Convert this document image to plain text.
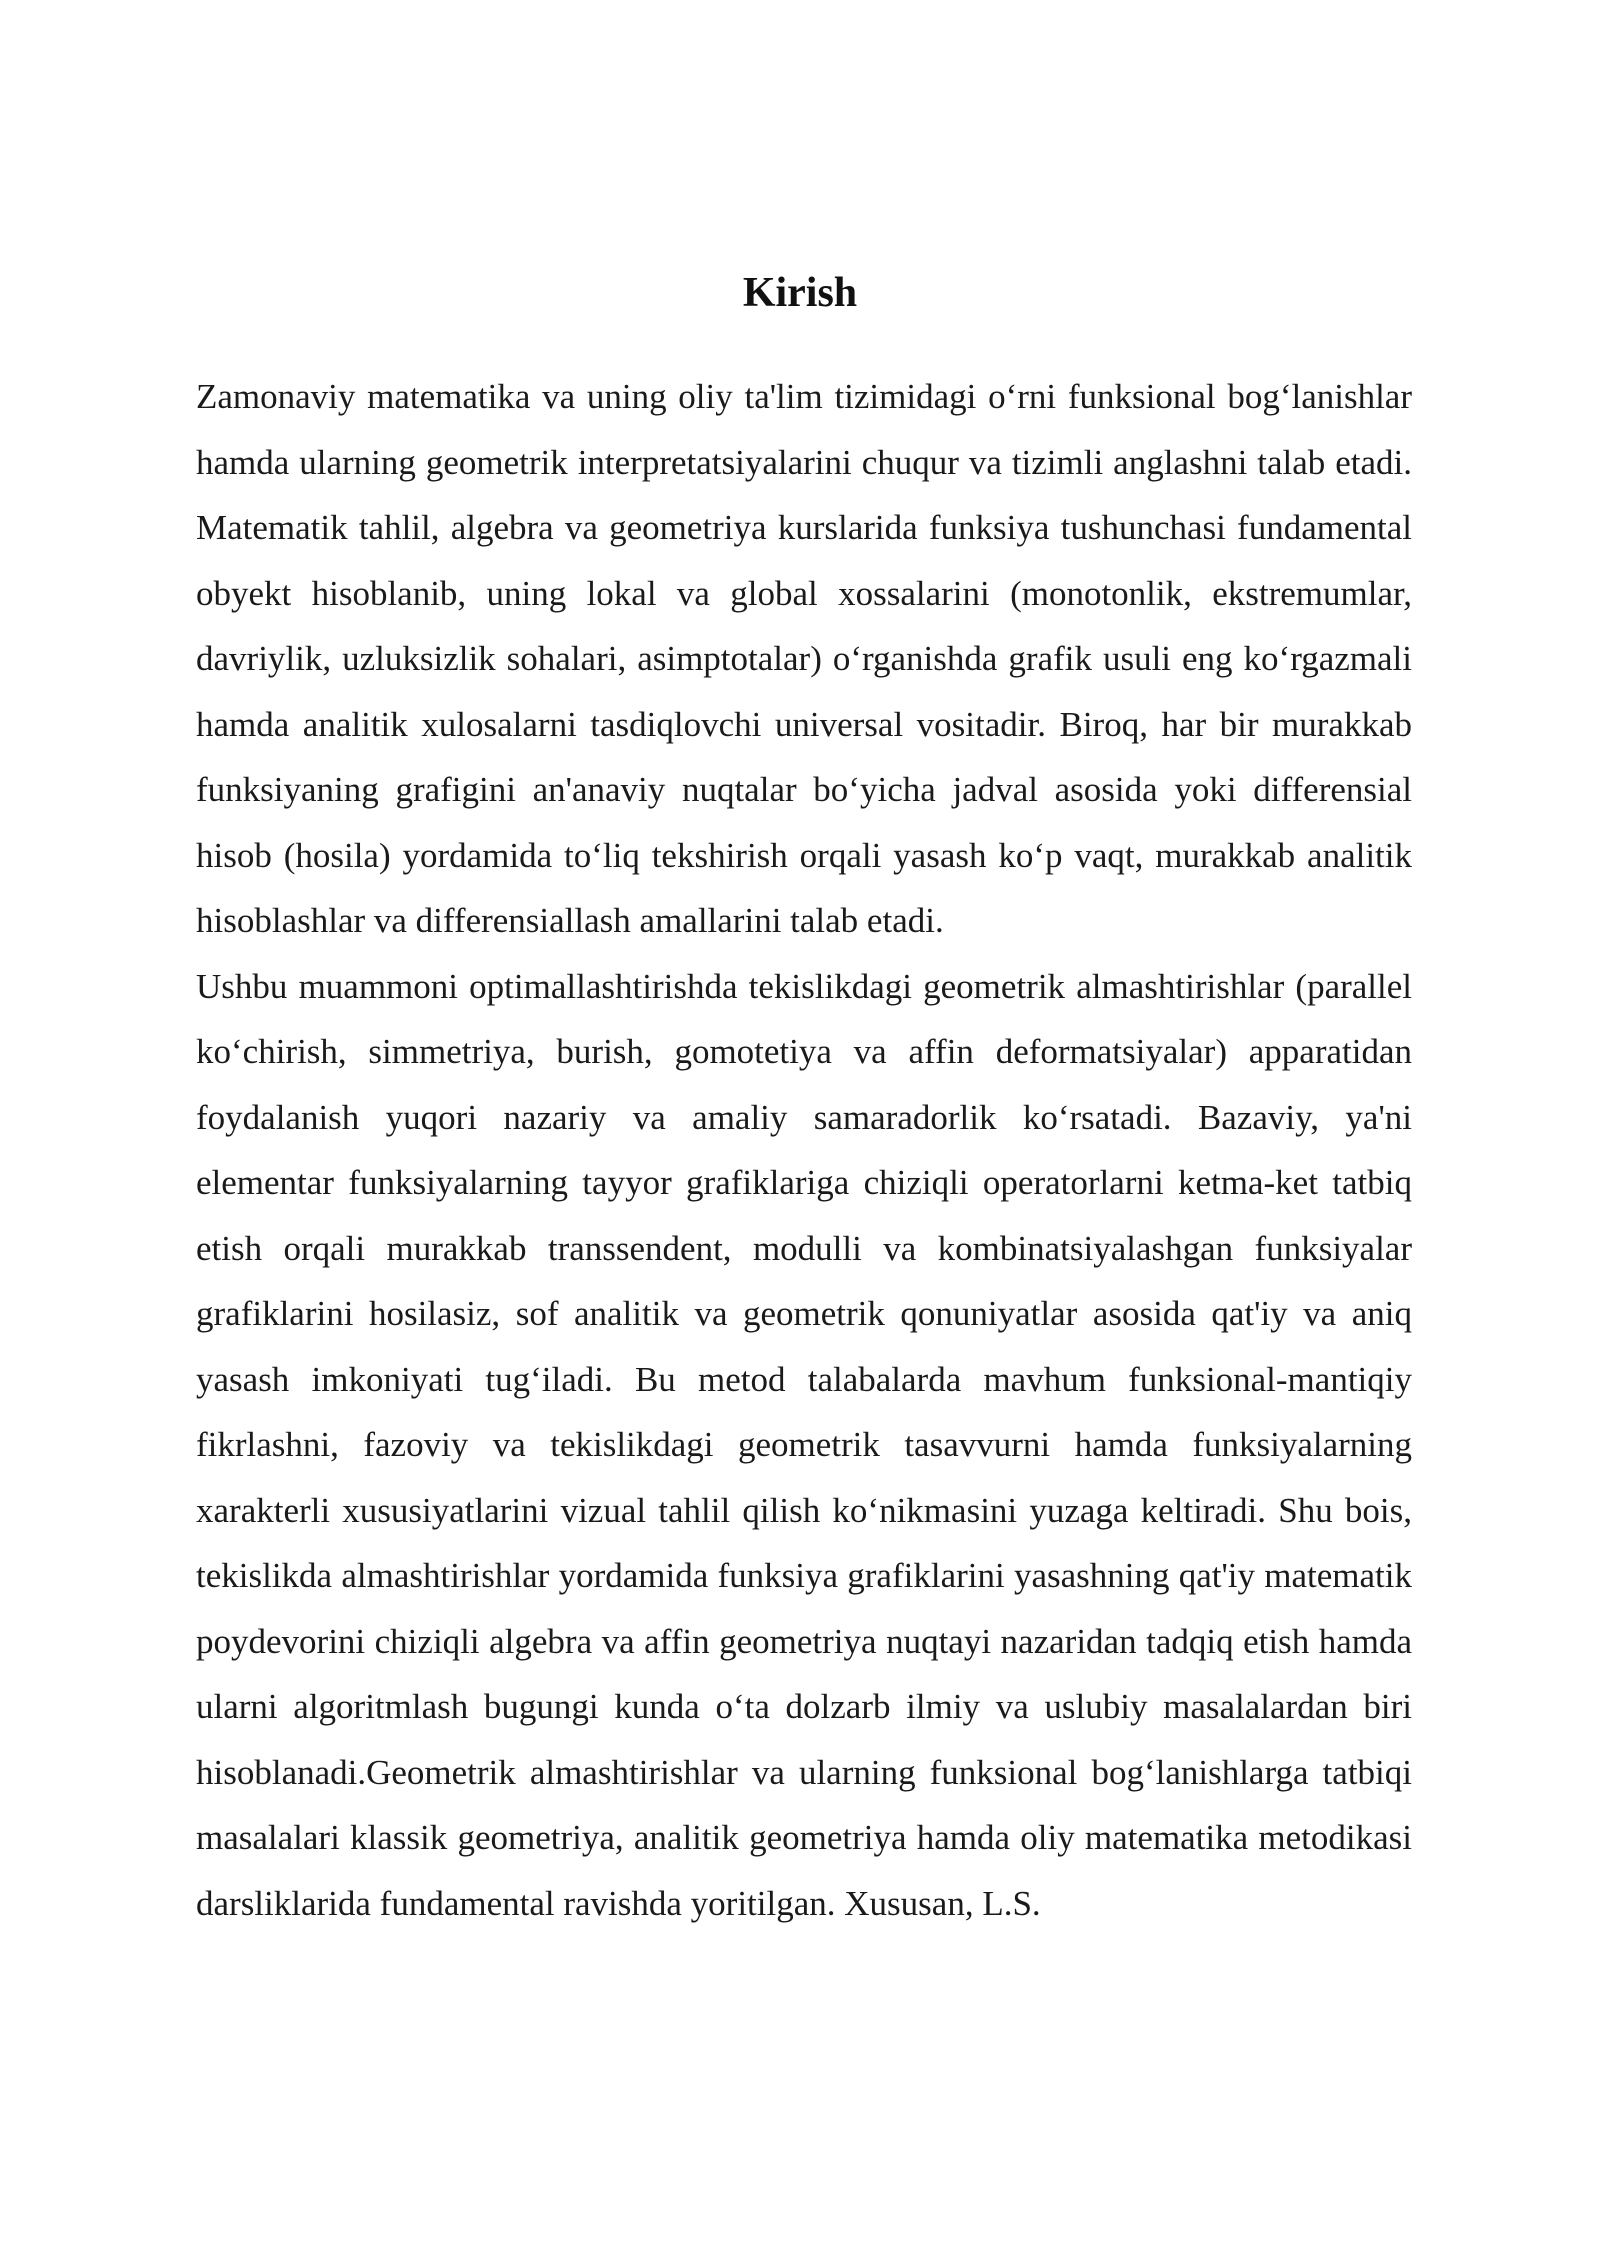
Kirish

Zamonaviy matematika va uning oliy ta'lim tizimidagi o‘rni funksional bog‘lanishlar hamda ularning geometrik interpretatsiyalarini chuqur va tizimli anglashni talab etadi. Matematik tahlil, algebra va geometriya kurslarida funksiya tushunchasi fundamental obyekt hisoblanib, uning lokal va global xossalarini (monotonlik, ekstremumlar, davriylik, uzluksizlik sohalari, asimptotalar) o‘rganishda grafik usuli eng ko‘rgazmali hamda analitik xulosalarni tasdiqlovchi universal vositadir. Biroq, har bir murakkab funksiyaning grafigini an'anaviy nuqtalar bo‘yicha jadval asosida yoki differensial hisob (hosila) yordamida to‘liq tekshirish orqali yasash ko‘p vaqt, murakkab analitik hisoblashlar va differensiallash amallarini talab etadi.

Ushbu muammoni optimallashtirishda tekislikdagi geometrik almashtirishlar (parallel ko‘chirish, simmetriya, burish, gomotetiya va affin deformatsiyalar) apparatidan foydalanish yuqori nazariy va amaliy samaradorlik ko‘rsatadi. Bazaviy, ya'ni elementar funksiyalarning tayyor grafiklariga chiziqli operatorlarni ketma-ket tatbiq etish orqali murakkab transsendent, modulli va kombinatsiyalashgan funksiyalar grafiklarini hosilasiz, sof analitik va geometrik qonuniyatlar asosida qat'iy va aniq yasash imkoniyati tug‘iladi. Bu metod talabalarda mavhum funksional-mantiqiy fikrlashni, fazoviy va tekislikdagi geometrik tasavvurni hamda funksiyalarning xarakterli xususiyatlarini vizual tahlil qilish ko‘nikmasini yuzaga keltiradi. Shu bois, tekislikda almashtirishlar yordamida funksiya grafiklarini yasashning qat'iy matematik poydevorini chiziqli algebra va affin geometriya nuqtayi nazaridan tadqiq etish hamda ularni algoritmlash bugungi kunda o‘ta dolzarb ilmiy va uslubiy masalalardan biri hisoblanadi.Geometrik almashtirishlar va ularning funksional bog‘lanishlarga tatbiqi masalalari klassik geometriya, analitik geometriya hamda oliy matematika metodikasi darsliklarida fundamental ravishda yoritilgan. Xususan, L.S.
